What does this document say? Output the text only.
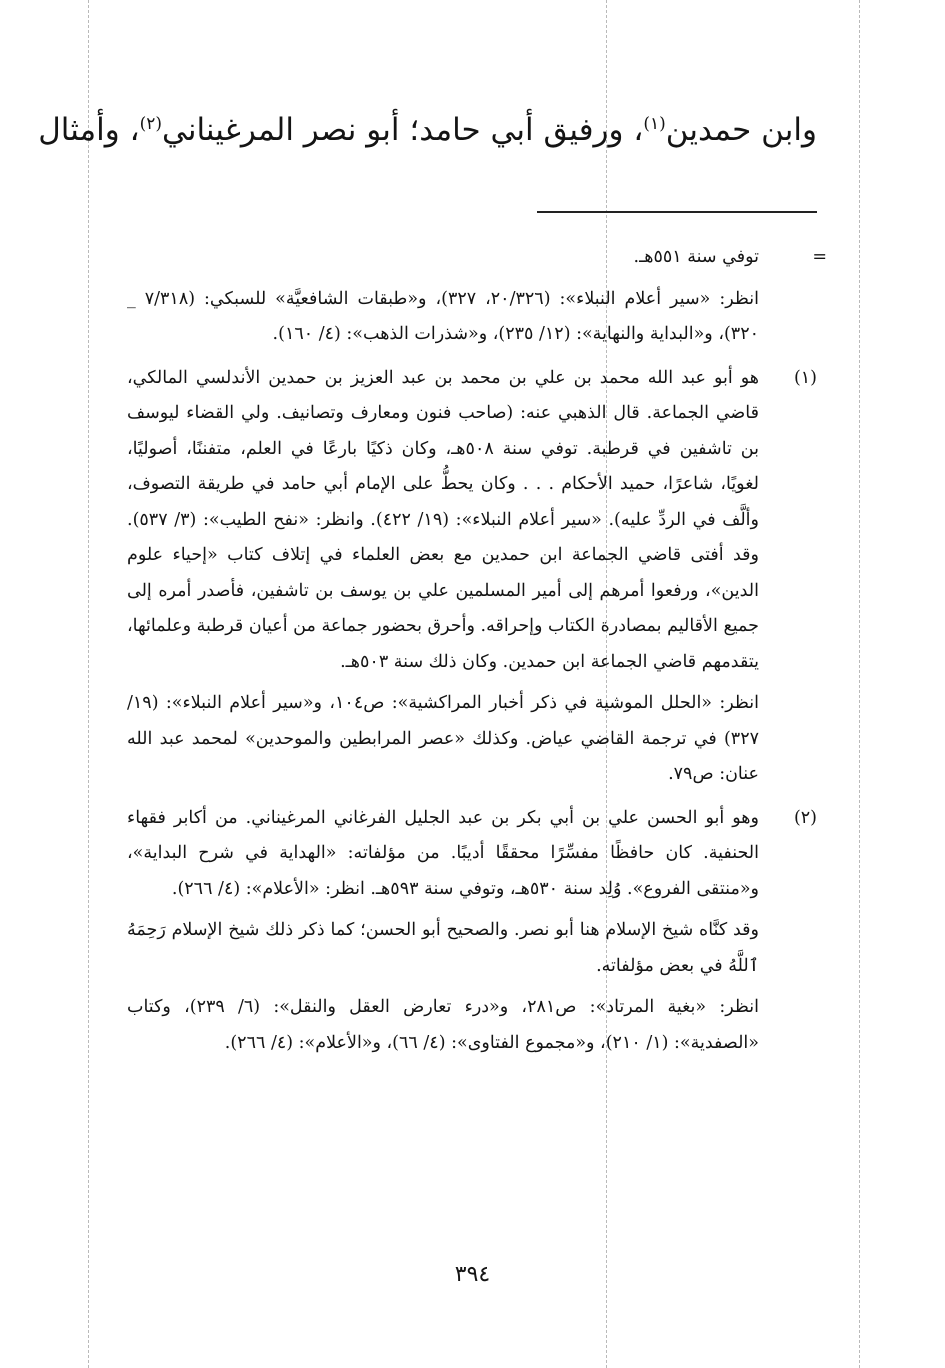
وابن حمدين$^{(١)}$، ورفيق أبي حامد؛ أبو نصر المرغيناني$^{(٢)}$، وأمثال
=

توفي سنة ٥٥١هـ.

انظر: «سير أعلام النبلاء»: (٢٠/٣٢٦، ٣٢٧)، و«طبقات الشافعيَّة» للسبكي: (٧/٣١٨ _ ٣٢٠)، و«البداية والنهاية»: (١٢/ ٢٣٥)، و«شذرات الذهب»: (٤/ ١٦٠).

(١)

هو أبو عبد الله محمد بن علي بن محمد بن عبد العزيز بن حمدين الأندلسي المالكي، قاضي الجماعة. قال الذهبي عنه: (صاحب فنون ومعارف وتصانيف. ولي القضاء ليوسف بن تاشفين في قرطبة. توفي سنة ٥٠٨هـ، وكان ذكيًا بارعًا في العلم، متفننًا، أصوليًا، لغويًا، شاعرًا، حميد الأحكام . . . وكان يحطُّ على الإمام أبي حامد في طريقة التصوف، وألَّف في الردِّ عليه). «سير أعلام النبلاء»: (١٩/ ٤٢٢). وانظر: «نفح الطيب»: (٣/ ٥٣٧). وقد أفتى قاضي الجماعة ابن حمدين مع بعض العلماء في إتلاف كتاب «إحياء علوم الدين»، ورفعوا أمرهم إلى أمير المسلمين علي بن يوسف بن تاشفين، فأصدر أمره إلى جميع الأقاليم بمصادرة الكتاب وإحراقه. وأحرق بحضور جماعة من أعيان قرطبة وعلمائها، يتقدمهم قاضي الجماعة ابن حمدين. وكان ذلك سنة ٥٠٣هـ.

انظر: «الحلل الموشية في ذكر أخبار المراكشية»: ص١٠٤، و«سير أعلام النبلاء»: (١٩/ ٣٢٧) في ترجمة القاضي عياض. وكذلك «عصر المرابطين والموحدين» لمحمد عبد الله عنان: ص٧٩.

(٢)

وهو أبو الحسن علي بن أبي بكر بن عبد الجليل الفرغاني المرغيناني. من أكابر فقهاء الحنفية. كان حافظًا مفسِّرًا محققًا أديبًا. من مؤلفاته: «الهداية في شرح البداية»، و«منتقى الفروع». وُلِد سنة ٥٣٠هـ، وتوفي سنة ٥٩٣هـ. انظر: «الأعلام»: (٤/ ٢٦٦).

وقد كنَّاه شيخ الإسلام هنا أبو نصر. والصحيح أبو الحسن؛ كما ذكر ذلك شيخ الإسلام رَحِمَهُ ٱللَّهُ في بعض مؤلفاته.

انظر: «بغية المرتاد»: ص٢٨١، و«درء تعارض العقل والنقل»: (٦/ ٢٣٩)، وكتاب «الصفدية»: (١/ ٢١٠)، و«مجموع الفتاوى»: (٤/ ٦٦)، و«الأعلام»: (٤/ ٢٦٦).

٣٩٤
